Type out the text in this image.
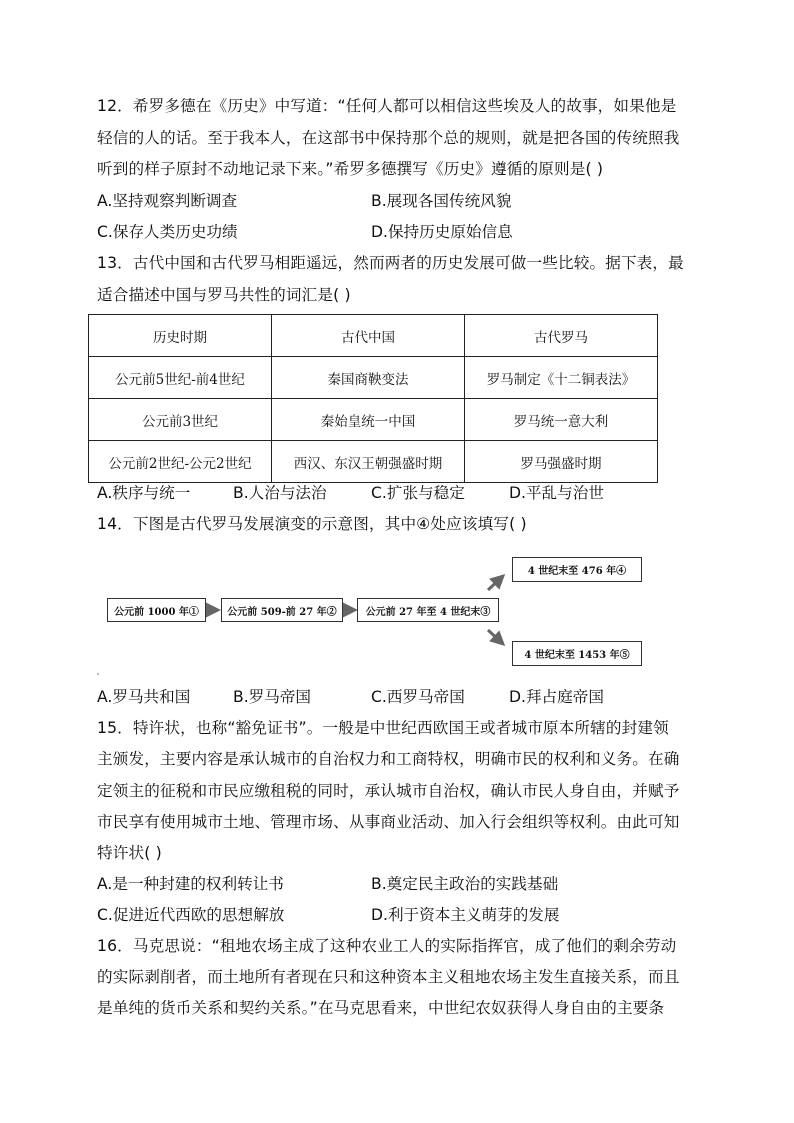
12．希罗多德在《历史》中写道：“任何人都可以相信这些埃及人的故事，如果他是
轻信的人的话。至于我本人，在这部书中保持那个总的规则，就是把各国的传统照我
听到的样子原封不动地记录下来。”希罗多德撰写《历史》遵循的原则是( )
A.坚持观察判断调查	B.展现各国传统风貌
C.保存人类历史功绩	D.保持历史原始信息
13．古代中国和古代罗马相距遥远，然而两者的历史发展可做一些比较。据下表，最
适合描述中国与罗马共性的词汇是( )
历史时期	古代中国	古代罗马
公元前5世纪-前4世纪	秦国商鞅变法	罗马制定《十二铜表法》
公元前3世纪	秦始皇统一中国	罗马统一意大利
公元前2世纪-公元2世纪	西汉、东汉王朝强盛时期	罗马强盛时期
A.秩序与统一	B.人治与法治	C.扩张与稳定	D.平乱与治世
14．下图是古代罗马发展演变的示意图，其中④处应该填写( )
公元前 1000 年①	公元前 509-前 27 年②	公元前 27 年至 4 世纪末③
4 世纪末至 476 年④
4 世纪末至 1453 年⑤
A.罗马共和国	B.罗马帝国	C.西罗马帝国	D.拜占庭帝国
15．特许状，也称“豁免证书”。一般是中世纪西欧国王或者城市原本所辖的封建领
主颁发，主要内容是承认城市的自治权力和工商特权，明确市民的权利和义务。在确
定领主的征税和市民应缴租税的同时，承认城市自治权，确认市民人身自由，并赋予
市民享有使用城市土地、管理市场、从事商业活动、加入行会组织等权利。由此可知
特许状( )
A.是一种封建的权利转让书	B.奠定民主政治的实践基础
C.促进近代西欧的思想解放	D.利于资本主义萌芽的发展
16．马克思说：“租地农场主成了这种农业工人的实际指挥官，成了他们的剩余劳动
的实际剥削者，而土地所有者现在只和这种资本主义租地农场主发生直接关系，而且
是单纯的货币关系和契约关系。”在马克思看来，中世纪农奴获得人身自由的主要条
